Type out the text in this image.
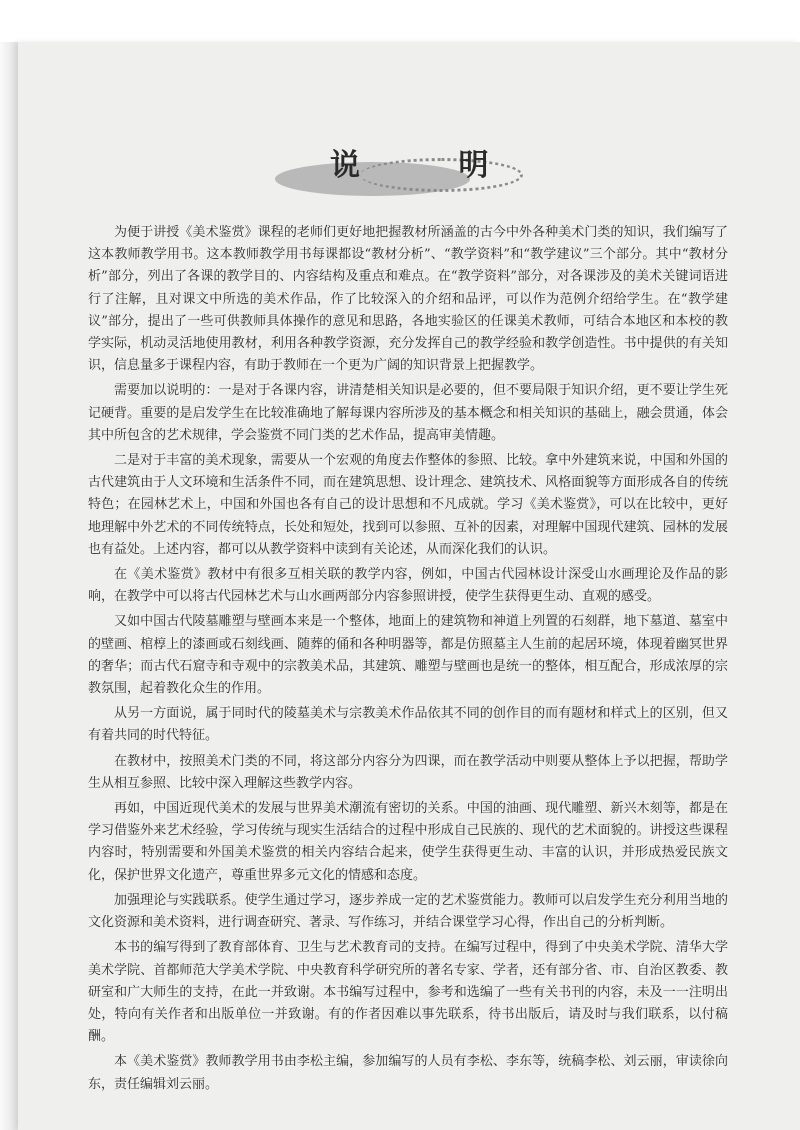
说 明

为便于讲授《美术鉴赏》课程的老师们更好地把握教材所涵盖的古今中外各种美术门类的知识，我们编写了这本教师教学用书。这本教师教学用书每课都设“教材分析”、“教学资料”和“教学建议”三个部分。其中“教材分析”部分，列出了各课的教学目的、内容结构及重点和难点。在“教学资料”部分，对各课涉及的美术关键词语进行了注解，且对课文中所选的美术作品，作了比较深入的介绍和品评，可以作为范例介绍给学生。在“教学建议”部分，提出了一些可供教师具体操作的意见和思路，各地实验区的任课美术教师，可结合本地区和本校的教学实际，机动灵活地使用教材，利用各种教学资源，充分发挥自己的教学经验和教学创造性。书中提供的有关知识，信息量多于课程内容，有助于教师在一个更为广阔的知识背景上把握教学。

需要加以说明的：一是对于各课内容，讲清楚相关知识是必要的，但不要局限于知识介绍，更不要让学生死记硬背。重要的是启发学生在比较准确地了解每课内容所涉及的基本概念和相关知识的基础上，融会贯通，体会其中所包含的艺术规律，学会鉴赏不同门类的艺术作品，提高审美情趣。

二是对于丰富的美术现象，需要从一个宏观的角度去作整体的参照、比较。拿中外建筑来说，中国和外国的古代建筑由于人文环境和生活条件不同，而在建筑思想、设计理念、建筑技术、风格面貌等方面形成各自的传统特色；在园林艺术上，中国和外国也各有自己的设计思想和不凡成就。学习《美术鉴赏》，可以在比较中，更好地理解中外艺术的不同传统特点，长处和短处，找到可以参照、互补的因素，对理解中国现代建筑、园林的发展也有益处。上述内容，都可以从教学资料中读到有关论述，从而深化我们的认识。

在《美术鉴赏》教材中有很多互相关联的教学内容，例如，中国古代园林设计深受山水画理论及作品的影响，在教学中可以将古代园林艺术与山水画两部分内容参照讲授，使学生获得更生动、直观的感受。

又如中国古代陵墓雕塑与壁画本来是一个整体，地面上的建筑物和神道上列置的石刻群，地下墓道、墓室中的壁画、棺椁上的漆画或石刻线画、随葬的俑和各种明器等，都是仿照墓主人生前的起居环境，体现着幽冥世界的奢华；而古代石窟寺和寺观中的宗教美术品，其建筑、雕塑与壁画也是统一的整体，相互配合，形成浓厚的宗教氛围，起着教化众生的作用。

从另一方面说，属于同时代的陵墓美术与宗教美术作品依其不同的创作目的而有题材和样式上的区别，但又有着共同的时代特征。

在教材中，按照美术门类的不同，将这部分内容分为四课，而在教学活动中则要从整体上予以把握，帮助学生从相互参照、比较中深入理解这些教学内容。

再如，中国近现代美术的发展与世界美术潮流有密切的关系。中国的油画、现代雕塑、新兴木刻等，都是在学习借鉴外来艺术经验，学习传统与现实生活结合的过程中形成自己民族的、现代的艺术面貌的。讲授这些课程内容时，特别需要和外国美术鉴赏的相关内容结合起来，使学生获得更生动、丰富的认识，并形成热爱民族文化，保护世界文化遗产，尊重世界多元文化的情感和态度。

加强理论与实践联系。使学生通过学习，逐步养成一定的艺术鉴赏能力。教师可以启发学生充分利用当地的文化资源和美术资料，进行调查研究、著录、写作练习，并结合课堂学习心得，作出自己的分析判断。

本书的编写得到了教育部体育、卫生与艺术教育司的支持。在编写过程中，得到了中央美术学院、清华大学美术学院、首都师范大学美术学院、中央教育科学研究所的著名专家、学者，还有部分省、市、自治区教委、教研室和广大师生的支持，在此一并致谢。本书编写过程中，参考和选编了一些有关书刊的内容，未及一一注明出处，特向有关作者和出版单位一并致谢。有的作者因难以事先联系，待书出版后，请及时与我们联系，以付稿酬。

本《美术鉴赏》教师教学用书由李松主编，参加编写的人员有李松、李东等，统稿李松、刘云丽，审读徐向东，责任编辑刘云丽。
